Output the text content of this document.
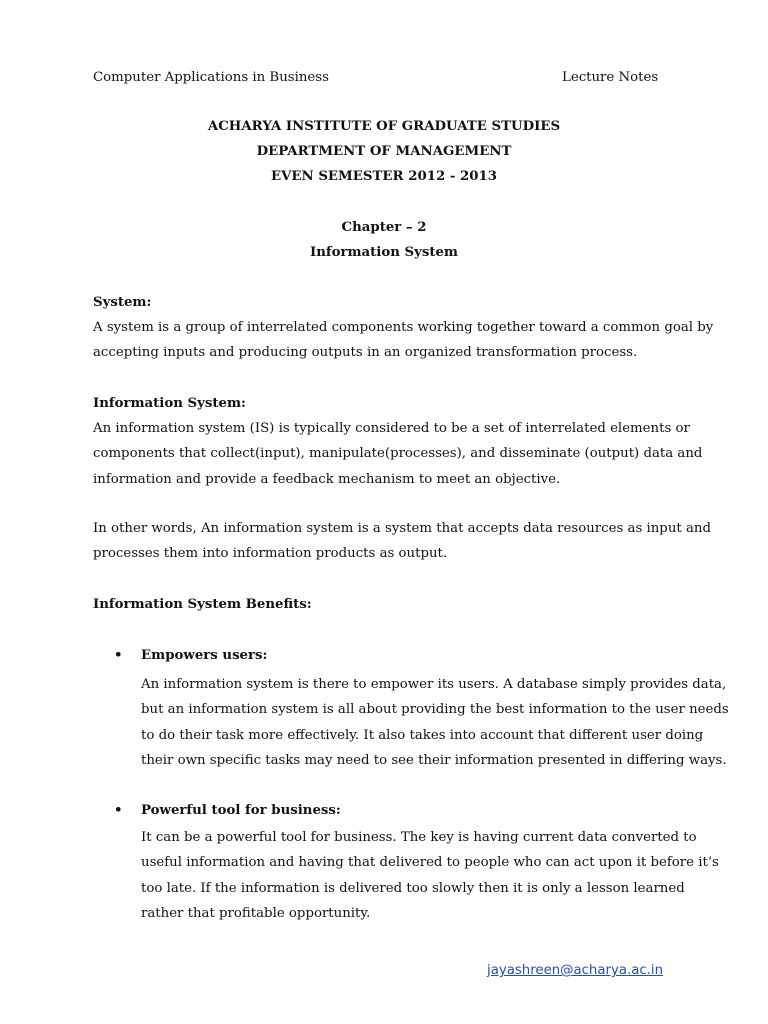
Computer Applications in Business	Lecture Notes
ACHARYA INSTITUTE OF GRADUATE STUDIES
DEPARTMENT OF MANAGEMENT
EVEN SEMESTER 2012 - 2013
Chapter – 2
Information System
System:
A system is a group of interrelated components working together toward a common goal by
accepting inputs and producing outputs in an organized transformation process.
Information System:
An information system (IS) is typically considered to be a set of interrelated elements or
components that collect(input), manipulate(processes), and disseminate (output) data and
information and provide a feedback mechanism to meet an objective.
In other words, An information system is a system that accepts data resources as input and
processes them into information products as output.
Information System Benefits:
• Empowers users:
An information system is there to empower its users. A database simply provides data,
but an information system is all about providing the best information to the user needs
to do their task more effectively. It also takes into account that different user doing
their own specific tasks may need to see their information presented in differing ways.
• Powerful tool for business:
It can be a powerful tool for business. The key is having current data converted to
useful information and having that delivered to people who can act upon it before it’s
too late. If the information is delivered too slowly then it is only a lesson learned
rather that profitable opportunity.
jayashreen@acharya.ac.in
